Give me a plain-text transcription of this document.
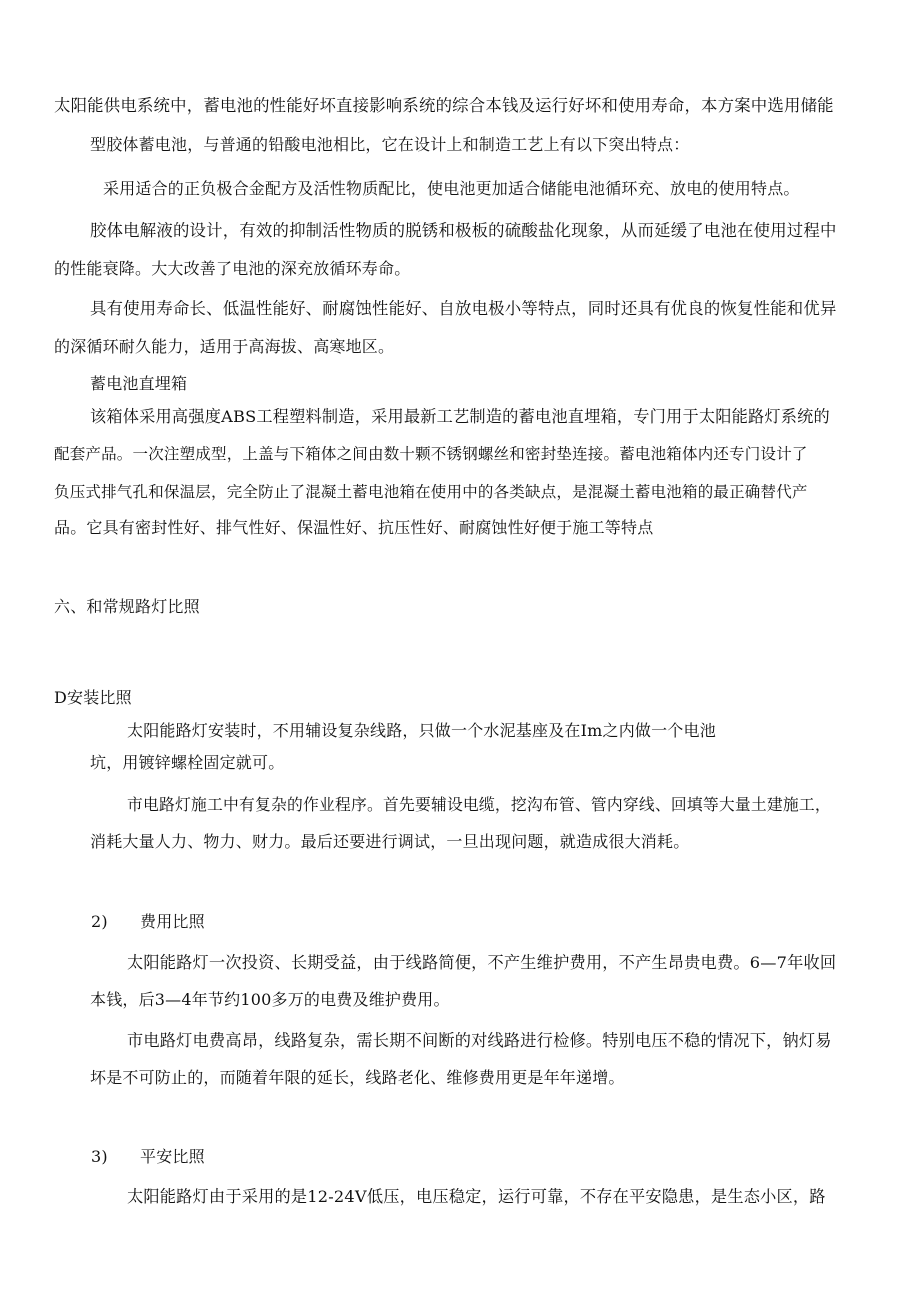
太阳能供电系统中，蓄电池的性能好坏直接影响系统的综合本钱及运行好坏和使用寿命，本方案中选用储能
型胶体蓄电池，与普通的铅酸电池相比，它在设计上和制造工艺上有以下突出特点：
采用适合的正负极合金配方及活性物质配比，使电池更加适合储能电池循环充、放电的使用特点。
胶体电解液的设计，有效的抑制活性物质的脱锈和极板的硫酸盐化现象，从而延缓了电池在使用过程中
的性能衰降。大大改善了电池的深充放循环寿命。
具有使用寿命长、低温性能好、耐腐蚀性能好、自放电极小等特点，同时还具有优良的恢复性能和优异
的深循环耐久能力，适用于高海拔、高寒地区。
蓄电池直埋箱
该箱体采用高强度ABS工程塑料制造，采用最新工艺制造的蓄电池直埋箱，专门用于太阳能路灯系统的
配套产品。一次注塑成型，上盖与下箱体之间由数十颗不锈钢螺丝和密封垫连接。蓄电池箱体内还专门设计了
负压式排气孔和保温层，完全防止了混凝土蓄电池箱在使用中的各类缺点，是混凝土蓄电池箱的最正确替代产
品。它具有密封性好、排气性好、保温性好、抗压性好、耐腐蚀性好便于施工等特点
六、和常规路灯比照
D安装比照
太阳能路灯安装时，不用辅设复杂线路，只做一个水泥基座及在Im之内做一个电池
坑，用镀锌螺栓固定就可。
市电路灯施工中有复杂的作业程序。首先要辅设电缆，挖沟布管、管内穿线、回填等大量土建施工，
消耗大量人力、物力、财力。最后还要进行调试，一旦出现问题，就造成很大消耗。
2) 费用比照
太阳能路灯一次投资、长期受益，由于线路简便，不产生维护费用，不产生昂贵电费。6—7年收回
本钱，后3—4年节约100多万的电费及维护费用。
市电路灯电费高昂，线路复杂，需长期不间断的对线路进行检修。特别电压不稳的情况下，钠灯易
坏是不可防止的，而随着年限的延长，线路老化、维修费用更是年年递增。
3) 平安比照
太阳能路灯由于采用的是12-24V低压，电压稳定，运行可靠，不存在平安隐患，是生态小区，路
